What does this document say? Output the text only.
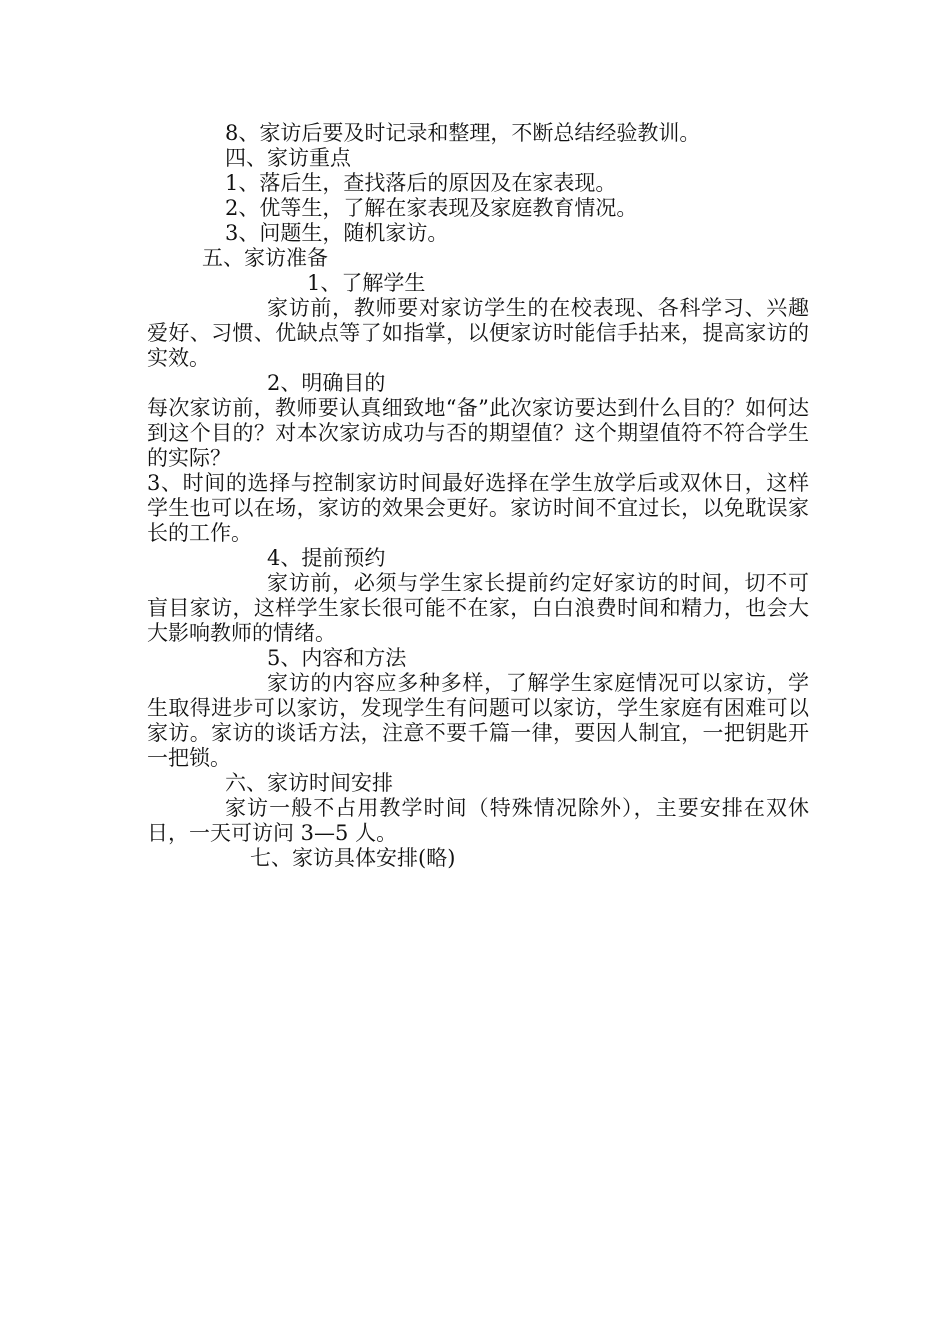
8、家访后要及时记录和整理，不断总结经验教训。

四、家访重点

1、落后生，查找落后的原因及在家表现。

2、优等生，了解在家表现及家庭教育情况。

3、问题生，随机家访。

五、家访准备

1、了解学生

家访前，教师要对家访学生的在校表现、各科学习、兴趣爱好、习惯、优缺点等了如指掌，以便家访时能信手拈来，提高家访的实效。

2、明确目的

每次家访前，教师要认真细致地“备”此次家访要达到什么目的？如何达到这个目的？对本次家访成功与否的期望值？这个期望值符不符合学生的实际？

3、时间的选择与控制家访时间最好选择在学生放学后或双休日，这样学生也可以在场，家访的效果会更好。家访时间不宜过长，以免耽误家长的工作。

4、提前预约

家访前，必须与学生家长提前约定好家访的时间，切不可盲目家访，这样学生家长很可能不在家，白白浪费时间和精力，也会大大影响教师的情绪。

5、内容和方法

家访的内容应多种多样，了解学生家庭情况可以家访，学生取得进步可以家访，发现学生有问题可以家访，学生家庭有困难可以家访。家访的谈话方法，注意不要千篇一律，要因人制宜，一把钥匙开一把锁。

六、家访时间安排

家访一般不占用教学时间（特殊情况除外），主要安排在双休日，一天可访问 3—5 人。

七、家访具体安排(略)
